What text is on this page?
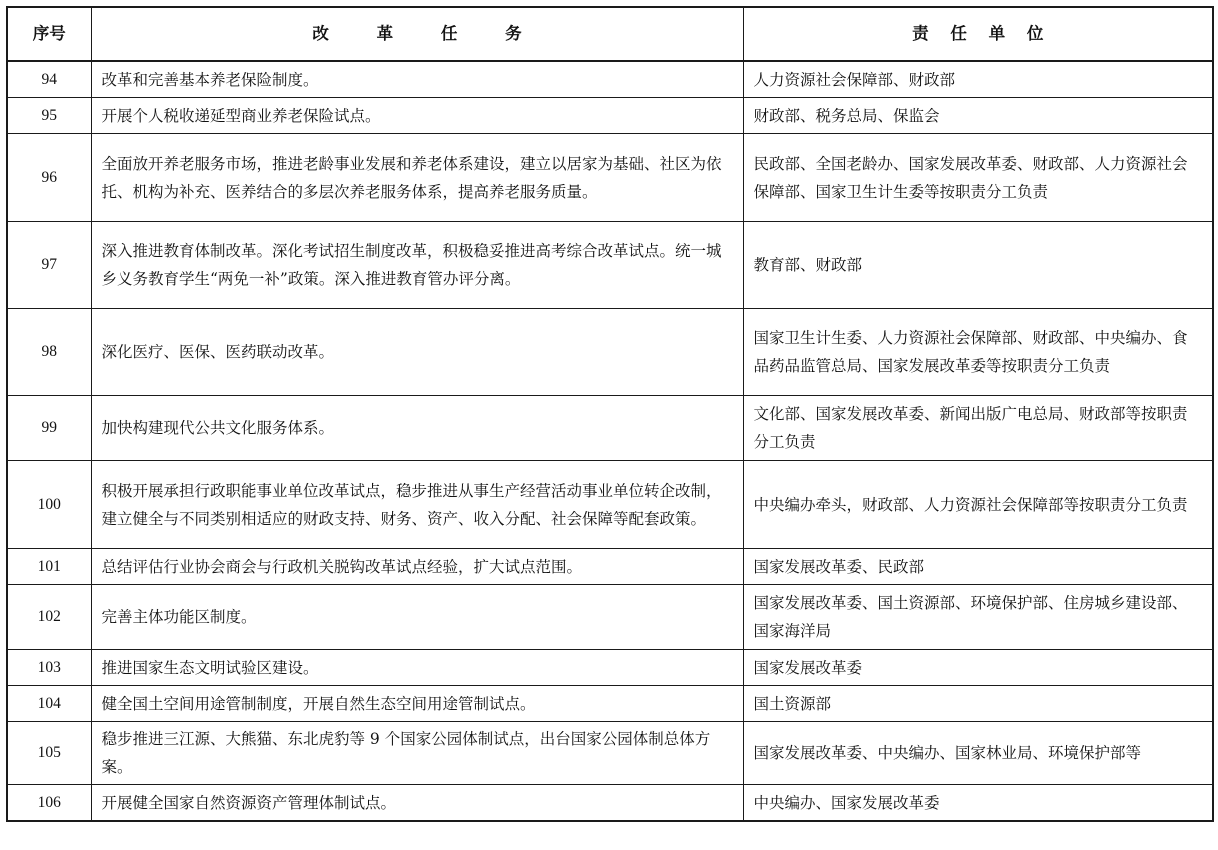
序号	改 革 任 务	责 任 单 位
94	改革和完善基本养老保险制度。	人力资源社会保障部、财政部
95	开展个人税收递延型商业养老保险试点。	财政部、税务总局、保监会
96	全面放开养老服务市场，推进老龄事业发展和养老体系建设，建立以居家为基础、社区为依托、机构为补充、医养结合的多层次养老服务体系，提高养老服务质量。	民政部、全国老龄办、国家发展改革委、财政部、人力资源社会保障部、国家卫生计生委等按职责分工负责
97	深入推进教育体制改革。深化考试招生制度改革，积极稳妥推进高考综合改革试点。统一城乡义务教育学生“两免一补”政策。深入推进教育管办评分离。	教育部、财政部
98	深化医疗、医保、医药联动改革。	国家卫生计生委、人力资源社会保障部、财政部、中央编办、食品药品监管总局、国家发展改革委等按职责分工负责
99	加快构建现代公共文化服务体系。	文化部、国家发展改革委、新闻出版广电总局、财政部等按职责分工负责
100	积极开展承担行政职能事业单位改革试点，稳步推进从事生产经营活动事业单位转企改制，建立健全与不同类别相适应的财政支持、财务、资产、收入分配、社会保障等配套政策。	中央编办牵头，财政部、人力资源社会保障部等按职责分工负责
101	总结评估行业协会商会与行政机关脱钩改革试点经验，扩大试点范围。	国家发展改革委、民政部
102	完善主体功能区制度。	国家发展改革委、国土资源部、环境保护部、住房城乡建设部、国家海洋局
103	推进国家生态文明试验区建设。	国家发展改革委
104	健全国土空间用途管制制度，开展自然生态空间用途管制试点。	国土资源部
105	稳步推进三江源、大熊猫、东北虎豹等 9 个国家公园体制试点，出台国家公园体制总体方案。	国家发展改革委、中央编办、国家林业局、环境保护部等
106	开展健全国家自然资源资产管理体制试点。	中央编办、国家发展改革委
